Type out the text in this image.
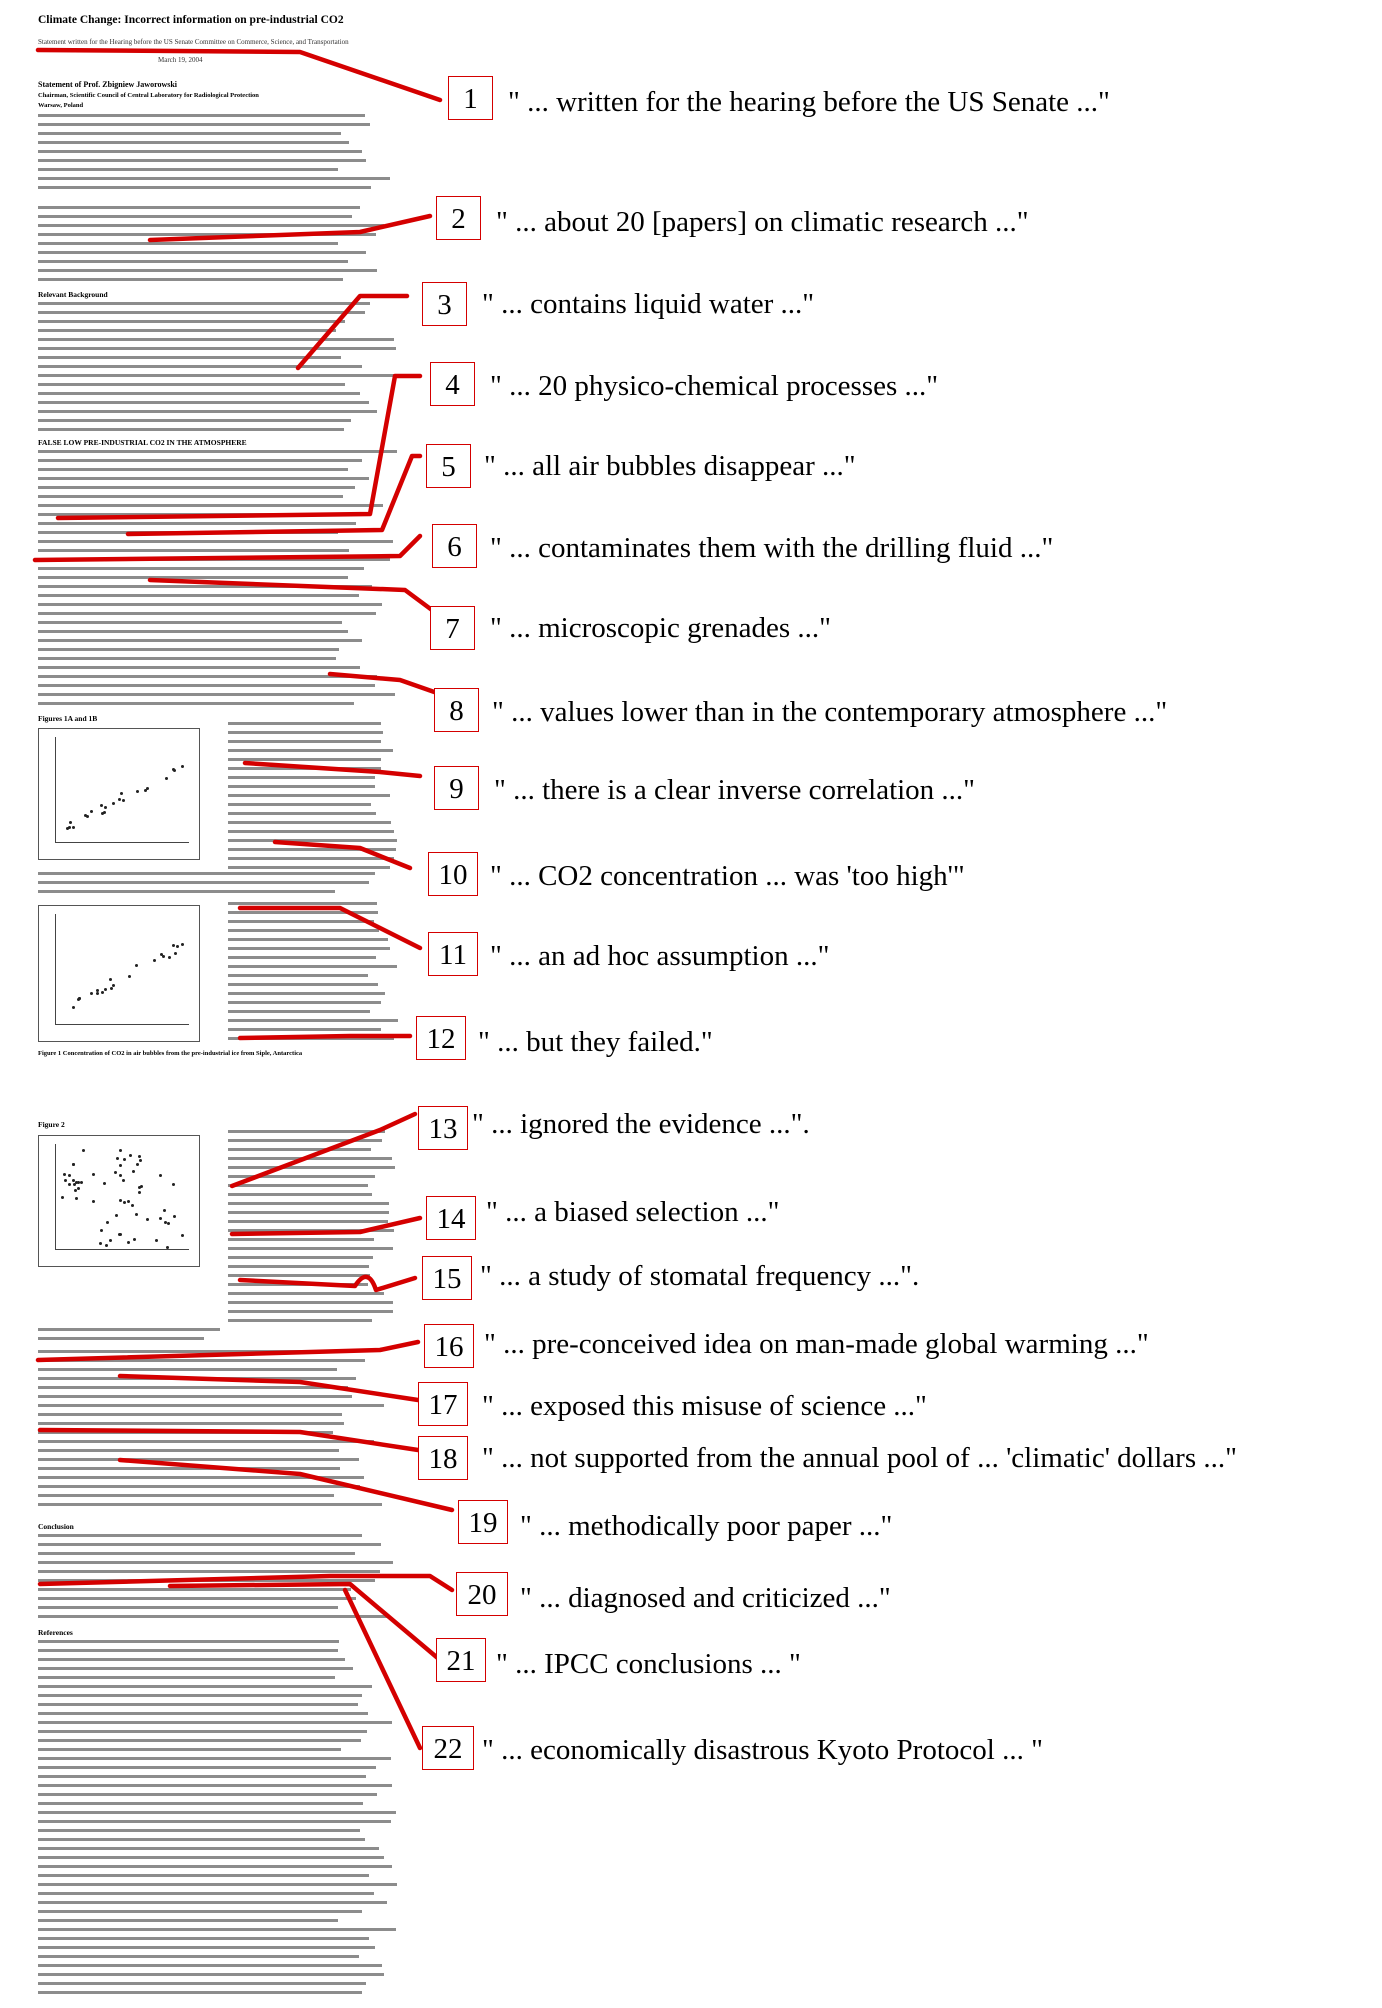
Climate Change: Incorrect information on pre-industrial CO2
Statement written for the Hearing before the US Senate Committee on Commerce, Science, and Transportation
March 19, 2004
Statement of Prof. Zbigniew Jaworowski
Chairman, Scientific Council of Central Laboratory for Radiological Protection
Warsaw, Poland
Relevant Background
FALSE LOW PRE-INDUSTRIAL CO2 IN THE ATMOSPHERE
Figures 1A and 1B
Figure 1 Concentration of CO2 in air bubbles from the pre-industrial ice from Siple, Antarctica
Figure 2
Conclusion
References
1	" ... written for the hearing before the US Senate ..."
2	" ... about 20 [papers] on climatic research ..."
3	" ... contains liquid water ..."
4	" ... 20 physico-chemical processes ..."
5 " ... all air bubbles disappear ..."
6 " ... contaminates them with the drilling fluid ..."
7	" ... microscopic grenades ..."
8 " ... values lower than in the contemporary atmosphere ..."
9	" ... there is a clear inverse correlation ..."
10 " ... CO2 concentration ... was 'too high'"
11 " ... an ad hoc assumption ..."
12 " ... but they failed."
13 " ... ignored the evidence ...".
14 " ... a biased selection ..."
15 " ... a study of stomatal frequency ...".
16 " ... pre-conceived idea on man-made global warming ..."
17 " ... exposed this misuse of science ..."
18 " ... not supported from the annual pool of ... 'climatic' dollars ..."
19 " ... methodically poor paper ..."
20 " ... diagnosed and criticized ..."
21 " ... IPCC conclusions ... "
22 " ... economically disastrous Kyoto Protocol ... "
